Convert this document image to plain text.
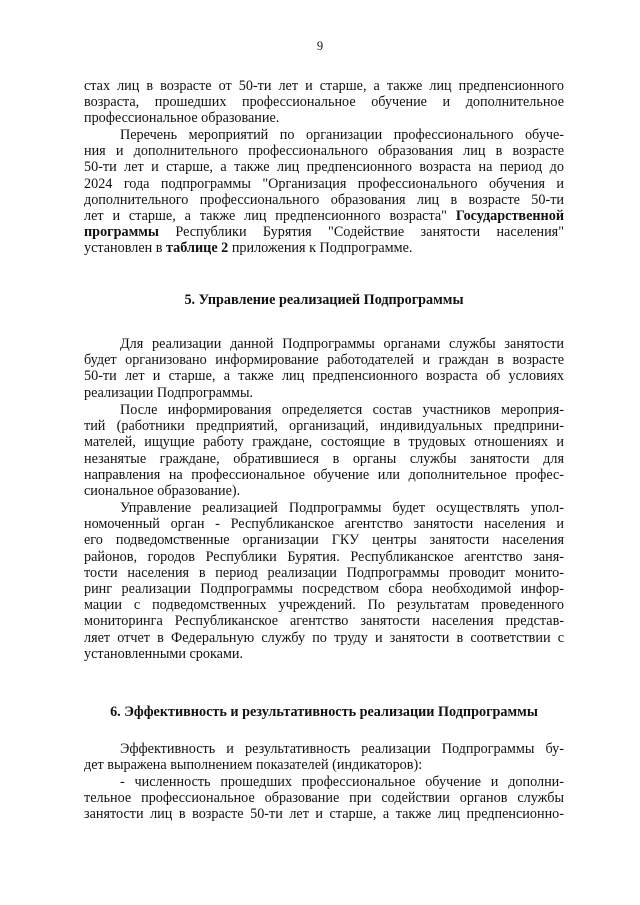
9
стах лиц в возрасте от 50-ти лет и старше, а также лиц предпенсионного
возраста, прошедших профессиональное обучение и дополнительное
профессиональное образование.
Перечень мероприятий по организации профессионального обуче-
ния и дополнительного профессионального образования лиц в возрасте
50-ти лет и старше, а также лиц предпенсионного возраста на период до
2024 года подпрограммы "Организация профессионального обучения и
дополнительного профессионального образования лиц в возрасте 50-ти
лет и старше, а также лиц предпенсионного возраста" Государственной
программы Республики Бурятия "Содействие занятости населения"
установлен в таблице 2 приложения к Подпрограмме.
5. Управление реализацией Подпрограммы
Для реализации данной Подпрограммы органами службы занятости
будет организовано информирование работодателей и граждан в возрасте
50-ти лет и старше, а также лиц предпенсионного возраста об условиях
реализации Подпрограммы.
После информирования определяется состав участников мероприя-
тий (работники предприятий, организаций, индивидуальных предприни-
мателей, ищущие работу граждане, состоящие в трудовых отношениях и
незанятые граждане, обратившиеся в органы службы занятости для
направления на профессиональное обучение или дополнительное профес-
сиональное образование).
Управление реализацией Подпрограммы будет осуществлять упол-
номоченный орган - Республиканское агентство занятости населения и
его подведомственные организации ГКУ центры занятости населения
районов, городов Республики Бурятия. Республиканское агентство заня-
тости населения в период реализации Подпрограммы проводит монито-
ринг реализации Подпрограммы посредством сбора необходимой инфор-
мации с подведомственных учреждений. По результатам проведенного
мониторинга Республиканское агентство занятости населения представ-
ляет отчет в Федеральную службу по труду и занятости в соответствии с
установленными сроками.
6. Эффективность и результативность реализации Подпрограммы
Эффективность и результативность реализации Подпрограммы бу-
дет выражена выполнением показателей (индикаторов):
- численность прошедших профессиональное обучение и дополни-
тельное профессиональное образование при содействии органов службы
занятости лиц в возрасте 50-ти лет и старше, а также лиц предпенсионно-
